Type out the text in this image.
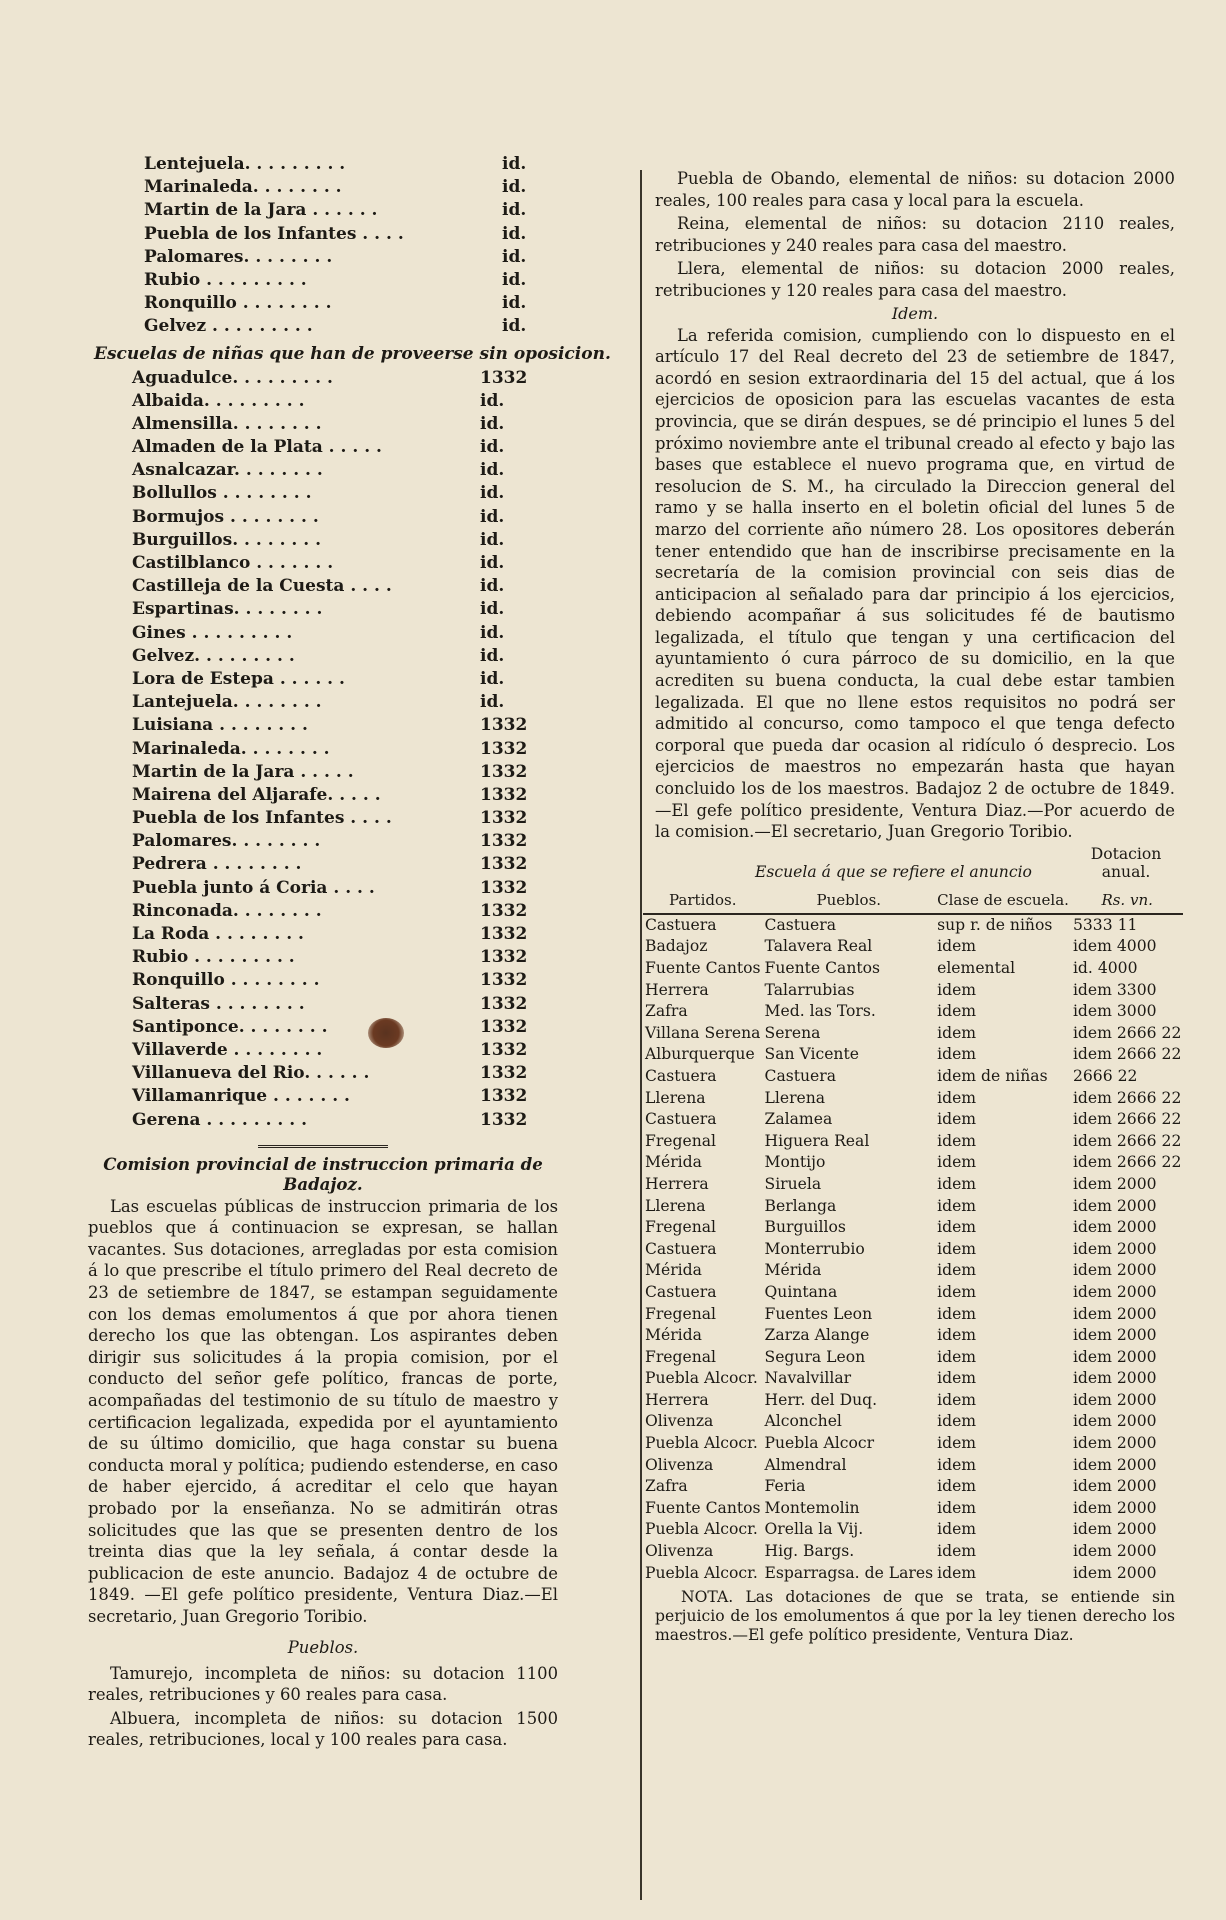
Lentejuela. . . . . . . . .	id.
Marinaleda. . . . . . . .	id.
Martin de la Jara . . . . . .	id.
Puebla de los Infantes . . . .	id.
Palomares. . . . . . . .	id.
Rubio . . . . . . . . .	id.
Ronquillo . . . . . . . .	id.
Gelvez . . . . . . . . .	id.
Escuelas de niñas que han de proveerse sin oposicion.
Aguadulce. . . . . . . . .	1332
Albaida. . . . . . . . .	id.
Almensilla. . . . . . . .	id.
Almaden de la Plata . . . . .	id.
Asnalcazar. . . . . . . .	id.
Bollullos . . . . . . . .	id.
Bormujos . . . . . . . .	id.
Burguillos. . . . . . . .	id.
Castilblanco . . . . . . .	id.
Castilleja de la Cuesta . . . .	id.
Espartinas. . . . . . . .	id.
Gines . . . . . . . . .	id.
Gelvez. . . . . . . . .	id.
Lora de Estepa . . . . . .	id.
Lantejuela. . . . . . . .	id.
Luisiana . . . . . . . .	1332
Marinaleda. . . . . . . .	1332
Martin de la Jara . . . . .	1332
Mairena del Aljarafe. . . . .	1332
Puebla de los Infantes . . . .	1332
Palomares. . . . . . . .	1332
Pedrera . . . . . . . .	1332
Puebla junto á Coria . . . .	1332
Rinconada. . . . . . . .	1332
La Roda . . . . . . . .	1332
Rubio . . . . . . . . .	1332
Ronquillo . . . . . . . .	1332
Salteras . . . . . . . .	1332
Santiponce. . . . . . . .	1332
Villaverde . . . . . . . .	1332
Villanueva del Rio. . . . . .	1332
Villamanrique . . . . . . .	1332
Gerena . . . . . . . . .	1332
Comision provincial de instruccion primaria de Badajoz.
Las escuelas públicas de instruccion primaria de los pueblos que á continuacion se expresan, se hallan vacantes. Sus dotaciones, arregladas por esta comision á lo que prescribe el título primero del Real decreto de 23 de setiembre de 1847, se estampan seguidamente con los demas emolumentos á que por ahora tienen derecho los que las obtengan. Los aspirantes deben dirigir sus solicitudes á la propia comision, por el conducto del señor gefe político, francas de porte, acompañadas del testimonio de su título de maestro y certificacion legalizada, expedida por el ayuntamiento de su último domicilio, que haga constar su buena conducta moral y política; pudiendo estenderse, en caso de haber ejercido, á acreditar el celo que hayan probado por la enseñanza. No se admitirán otras solicitudes que las que se presenten dentro de los treinta dias que la ley señala, á contar desde la publicacion de este anuncio. Badajoz 4 de octubre de 1849. —El gefe político presidente, Ventura Diaz.—El secretario, Juan Gregorio Toribio.
Pueblos.
Tamurejo, incompleta de niños: su dotacion 1100 reales, retribuciones y 60 reales para casa.
Albuera, incompleta de niños: su dotacion 1500 reales, retribuciones, local y 100 reales para casa.
Puebla de Obando, elemental de niños: su dotacion 2000 reales, 100 reales para casa y local para la escuela.
Reina, elemental de niños: su dotacion 2110 reales, retribuciones y 240 reales para casa del maestro.
Llera, elemental de niños: su dotacion 2000 reales, retribuciones y 120 reales para casa del maestro.
Idem.
La referida comision, cumpliendo con lo dispuesto en el artículo 17 del Real decreto del 23 de setiembre de 1847, acordó en sesion extraordinaria del 15 del actual, que á los ejercicios de oposicion para las escuelas vacantes de esta provincia, que se dirán despues, se dé principio el lunes 5 del próximo noviembre ante el tribunal creado al efecto y bajo las bases que establece el nuevo programa que, en virtud de resolucion de S. M., ha circulado la Direccion general del ramo y se halla inserto en el boletin oficial del lunes 5 de marzo del corriente año número 28. Los opositores deberán tener entendido que han de inscribirse precisamente en la secretaría de la comision provincial con seis dias de anticipacion al señalado para dar principio á los ejercicios, debiendo acompañar á sus solicitudes fé de bautismo legalizada, el título que tengan y una certificacion del ayuntamiento ó cura párroco de su domicilio, en la que acrediten su buena conducta, la cual debe estar tambien legalizada. El que no llene estos requisitos no podrá ser admitido al concurso, como tampoco el que tenga defecto corporal que pueda dar ocasion al ridículo ó desprecio. Los ejercicios de maestros no empezarán hasta que hayan concluido los de los maestros. Badajoz 2 de octubre de 1849.—El gefe político presidente, Ventura Diaz.—Por acuerdo de la comision.—El secretario, Juan Gregorio Toribio.
Escuela á que se refiere el anuncio
Dotacion anual.
Partidos.	Pueblos.	Clase de escuela.	Rs. vn.
Castuera	Castuera	sup r. de niños	5333 11
Badajoz	Talavera Real	idem	idem 4000
Fuente Cantos	Fuente Cantos	elemental	id. 4000
Herrera	Talarrubias	idem	idem 3300
Zafra	Med. las Tors.	idem	idem 3000
Villana Serena	Serena	idem	idem 2666 22
Alburquerque	San Vicente	idem	idem 2666 22
Castuera	Castuera	idem de niñas	2666 22
Llerena	Llerena	idem	idem 2666 22
Castuera	Zalamea	idem	idem 2666 22
Fregenal	Higuera Real	idem	idem 2666 22
Mérida	Montijo	idem	idem 2666 22
Herrera	Siruela	idem	idem 2000
Llerena	Berlanga	idem	idem 2000
Fregenal	Burguillos	idem	idem 2000
Castuera	Monterrubio	idem	idem 2000
Mérida	Mérida	idem	idem 2000
Castuera	Quintana	idem	idem 2000
Fregenal	Fuentes Leon	idem	idem 2000
Mérida	Zarza Alange	idem	idem 2000
Fregenal	Segura Leon	idem	idem 2000
Puebla Alcocr.	Navalvillar	idem	idem 2000
Herrera	Herr. del Duq.	idem	idem 2000
Olivenza	Alconchel	idem	idem 2000
Puebla Alcocr.	Puebla Alcocr	idem	idem 2000
Olivenza	Almendral	idem	idem 2000
Zafra	Feria	idem	idem 2000
Fuente Cantos	Montemolin	idem	idem 2000
Puebla Alcocr.	Orella la Vij.	idem	idem 2000
Olivenza	Hig. Bargs.	idem	idem 2000
Puebla Alcocr.	Esparragsa. de Lares	idem	idem 2000
NOTA. Las dotaciones de que se trata, se entiende sin perjuicio de los emolumentos á que por la ley tienen derecho los maestros.—El gefe político presidente, Ventura Diaz.
